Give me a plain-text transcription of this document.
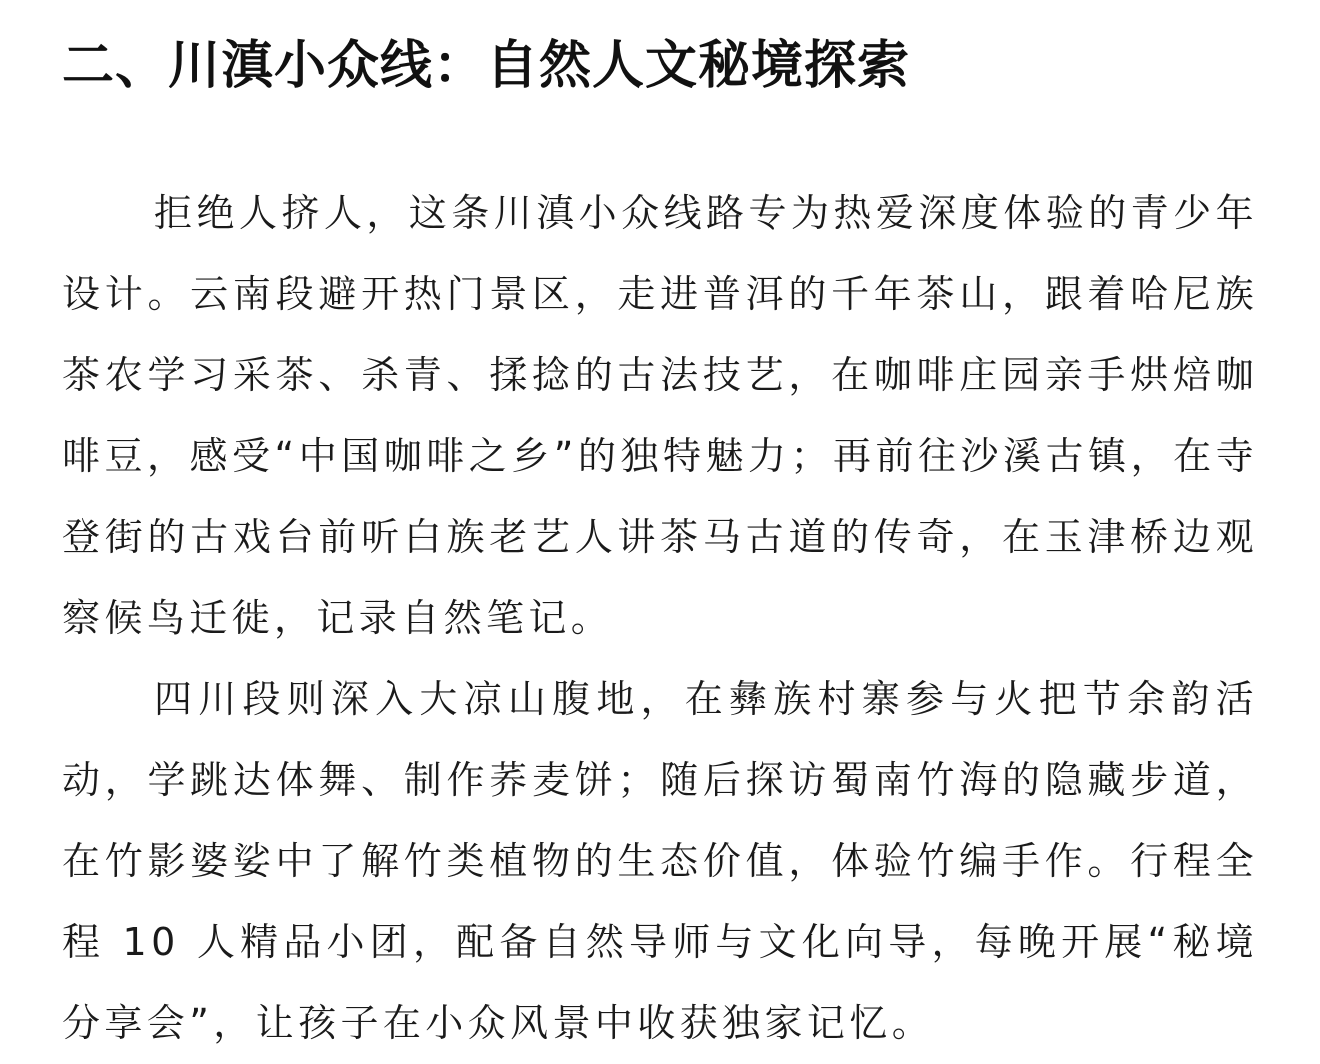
二、川滇小众线：自然人文秘境探索

拒绝人挤人，这条川滇小众线路专为热爱深度体验的青少年设计。云南段避开热门景区，走进普洱的千年茶山，跟着哈尼族茶农学习采茶、杀青、揉捻的古法技艺，在咖啡庄园亲手烘焙咖啡豆，感受“中国咖啡之乡”的独特魅力；再前往沙溪古镇，在寺登街的古戏台前听白族老艺人讲茶马古道的传奇，在玉津桥边观察候鸟迁徙，记录自然笔记。

四川段则深入大凉山腹地，在彝族村寨参与火把节余韵活动，学跳达体舞、制作荞麦饼；随后探访蜀南竹海的隐藏步道，在竹影婆娑中了解竹类植物的生态价值，体验竹编手作。行程全程 10 人精品小团，配备自然导师与文化向导，每晚开展“秘境分享会”，让孩子在小众风景中收获独家记忆。
